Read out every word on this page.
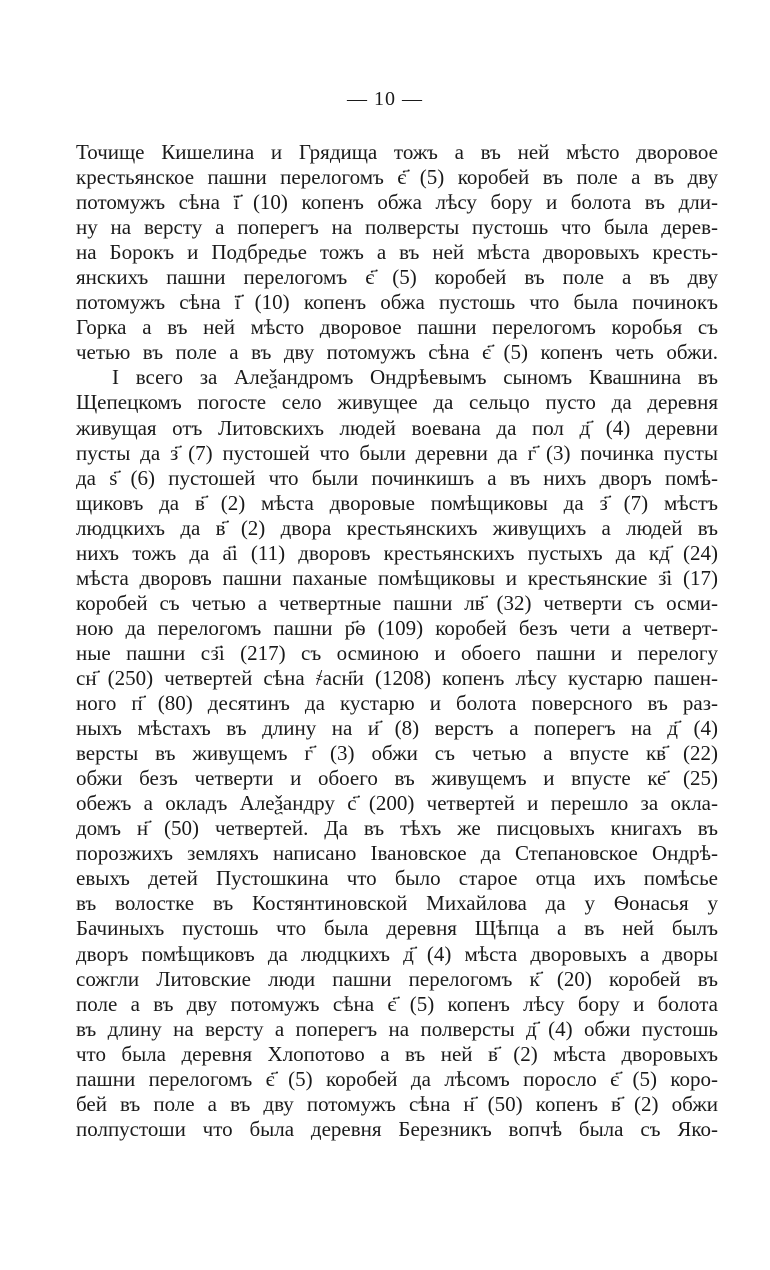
— 10 —
Точище Кишелина и Грядища тожъ а въ ней мѣсто дворовое
крестьянское пашни перелогомъ є҃ (5) коробей въ поле а въ дву
потомужъ сѣна ї҃ (10) копенъ обжа лѣсу бору и болота въ дли-
ну на версту а поперегъ на полверсты пустошь что была дерев-
на Борокъ и Подбредье тожъ а въ ней мѣста дворовыхъ кресть-
янскихъ пашни перелогомъ є҃ (5) коробей въ поле а въ дву
потомужъ сѣна ї҃ (10) копенъ обжа пустошь что была починокъ
Горка а въ ней мѣсто дворовое пашни перелогомъ коробья съ
четью въ поле а въ дву потомужъ сѣна є҃ (5) копенъ четь обжи.
I всего за Алеѯандромъ Ондрѣевымъ сыномъ Квашнина въ
Щепецкомъ погосте село живущее да сельцо пусто да деревня
живущая отъ Литовскихъ людей воевана да пол д҃ (4) деревни
пусты да з҃ (7) пустошей что были деревни да г҃ (3) починка пусты
да ѕ҃ (6) пустошей что были починкишъ а въ нихъ дворъ помѣ-
щиковъ да в҃ (2) мѣста дворовые помѣщиковы да з҃ (7) мѣстъ
людцкихъ да в҃ (2) двора крестьянскихъ живущихъ а людей въ
нихъ тожъ да а҃і (11) дворовъ крестьянскихъ пустыхъ да кд҃ (24)
мѣста дворовъ пашни паханые помѣщиковы и крестьянские з҃і (17)
коробей съ четью а четвертные пашни лв҃ (32) четверти съ осми-
ною да перелогомъ пашни р҃ѳ (109) коробей безъ чети а четверт-
ные пашни сз҃і (217) съ осминою и обоего пашни и перелогу
сн҃ (250) четвертей сѣна ҂асн҃и (1208) копенъ лѣсу кустарю пашен-
ного п҃ (80) десятинъ да кустарю и болота поверсного въ раз-
ныхъ мѣстахъ въ длину на и҃ (8) верстъ а поперегъ на д҃ (4)
версты въ живущемъ г҃ (3) обжи съ четью а впусте кв҃ (22)
обжи безъ четверти и обоего въ живущемъ и впусте ке҃ (25)
обежъ а окладъ Алеѯандру с҃ (200) четвертей и перешло за окла-
домъ н҃ (50) четвертей. Да въ тѣхъ же писцовыхъ книгахъ въ
порозжихъ земляхъ написано Івановское да Степановское Ондрѣ-
евыхъ детей Пустошкина что было старое отца ихъ помѣсье
въ волостке въ Костянтиновской Михайлова да у Ѳонасья у
Бачиныхъ пустошь что была деревня Щѣпца а въ ней былъ
дворъ помѣщиковъ да людцкихъ д҃ (4) мѣста дворовыхъ а дворы
сожгли Литовские люди пашни перелогомъ к҃ (20) коробей въ
поле а въ дву потомужъ сѣна є҃ (5) копенъ лѣсу бору и болота
въ длину на версту а поперегъ на полверсты д҃ (4) обжи пустошь
что была деревня Хлопотово а въ ней в҃ (2) мѣста дворовыхъ
пашни перелогомъ є҃ (5) коробей да лѣсомъ поросло є҃ (5) коро-
бей въ поле а въ дву потомужъ сѣна н҃ (50) копенъ в҃ (2) обжи
полпустоши что была деревня Березникъ вопчѣ была съ Яко-
